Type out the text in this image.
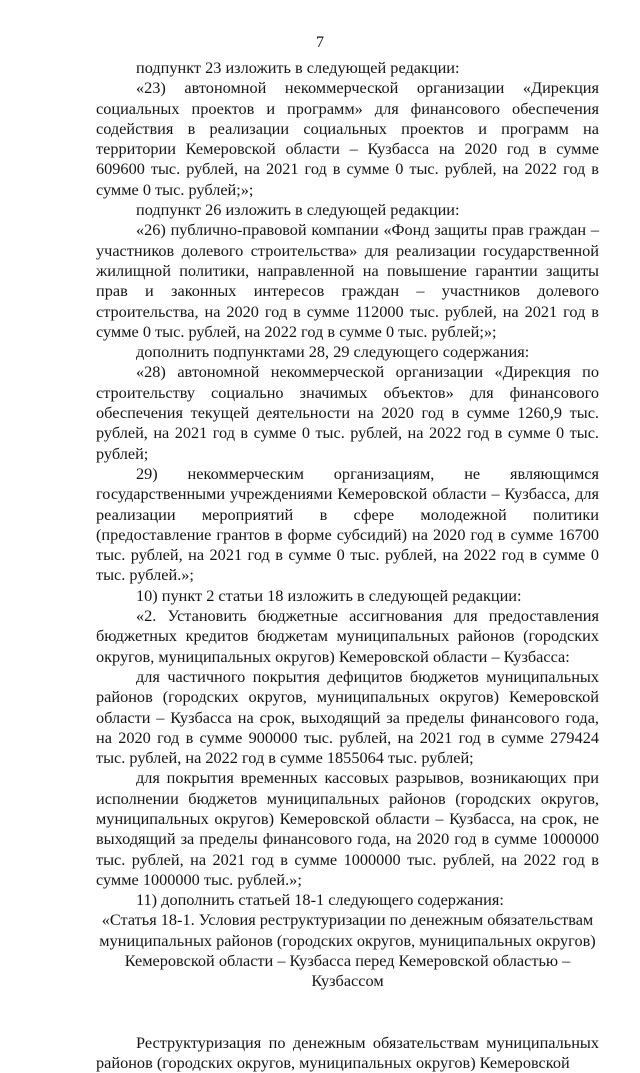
7

подпункт 23 изложить в следующей редакции:

«23) автономной некоммерческой организации «Дирекция социальных проектов и программ» для финансового обеспечения содействия в реализации социальных проектов и программ на территории Кемеровской области – Кузбасса на 2020 год в сумме 609600 тыс. рублей, на 2021 год в сумме 0 тыс. рублей, на 2022 год в сумме 0 тыс. рублей;»;

подпункт 26 изложить в следующей редакции:

«26) публично-правовой компании «Фонд защиты прав граждан – участников долевого строительства» для реализации государственной жилищной политики, направленной на повышение гарантии защиты прав и законных интересов граждан – участников долевого строительства, на 2020 год в сумме 112000 тыс. рублей, на 2021 год в сумме 0 тыс. рублей, на 2022 год в сумме 0 тыс. рублей;»;

дополнить подпунктами 28, 29 следующего содержания:

«28) автономной некоммерческой организации «Дирекция по строительству социально значимых объектов» для финансового обеспечения текущей деятельности на 2020 год в сумме 1260,9 тыс. рублей, на 2021 год в сумме 0 тыс. рублей, на 2022 год в сумме 0 тыс. рублей;

29) некоммерческим организациям, не являющимся государственными учреждениями Кемеровской области – Кузбасса, для реализации мероприятий в сфере молодежной политики (предоставление грантов в форме субсидий) на 2020 год в сумме 16700 тыс. рублей, на 2021 год в сумме 0 тыс. рублей, на 2022 год в сумме 0 тыс. рублей.»;

10) пункт 2 статьи 18 изложить в следующей редакции:

«2. Установить бюджетные ассигнования для предоставления бюджетных кредитов бюджетам муниципальных районов (городских округов, муниципальных округов) Кемеровской области – Кузбасса:

для частичного покрытия дефицитов бюджетов муниципальных районов (городских округов, муниципальных округов) Кемеровской области – Кузбасса на срок, выходящий за пределы финансового года, на 2020 год в сумме 900000 тыс. рублей, на 2021 год в сумме 279424 тыс. рублей, на 2022 год в сумме 1855064 тыс. рублей;

для покрытия временных кассовых разрывов, возникающих при исполнении бюджетов муниципальных районов (городских округов, муниципальных округов) Кемеровской области – Кузбасса, на срок, не выходящий за пределы финансового года, на 2020 год в сумме 1000000 тыс. рублей, на 2021 год в сумме 1000000 тыс. рублей, на 2022 год в сумме 1000000 тыс. рублей.»;

11) дополнить статьей 18-1 следующего содержания:

«Статья 18-1. Условия реструктуризации по денежным обязательствам муниципальных районов (городских округов, муниципальных округов) Кемеровской области – Кузбасса перед Кемеровской областью – Кузбассом

Реструктуризация по денежным обязательствам муниципальных районов (городских округов, муниципальных округов) Кемеровской
